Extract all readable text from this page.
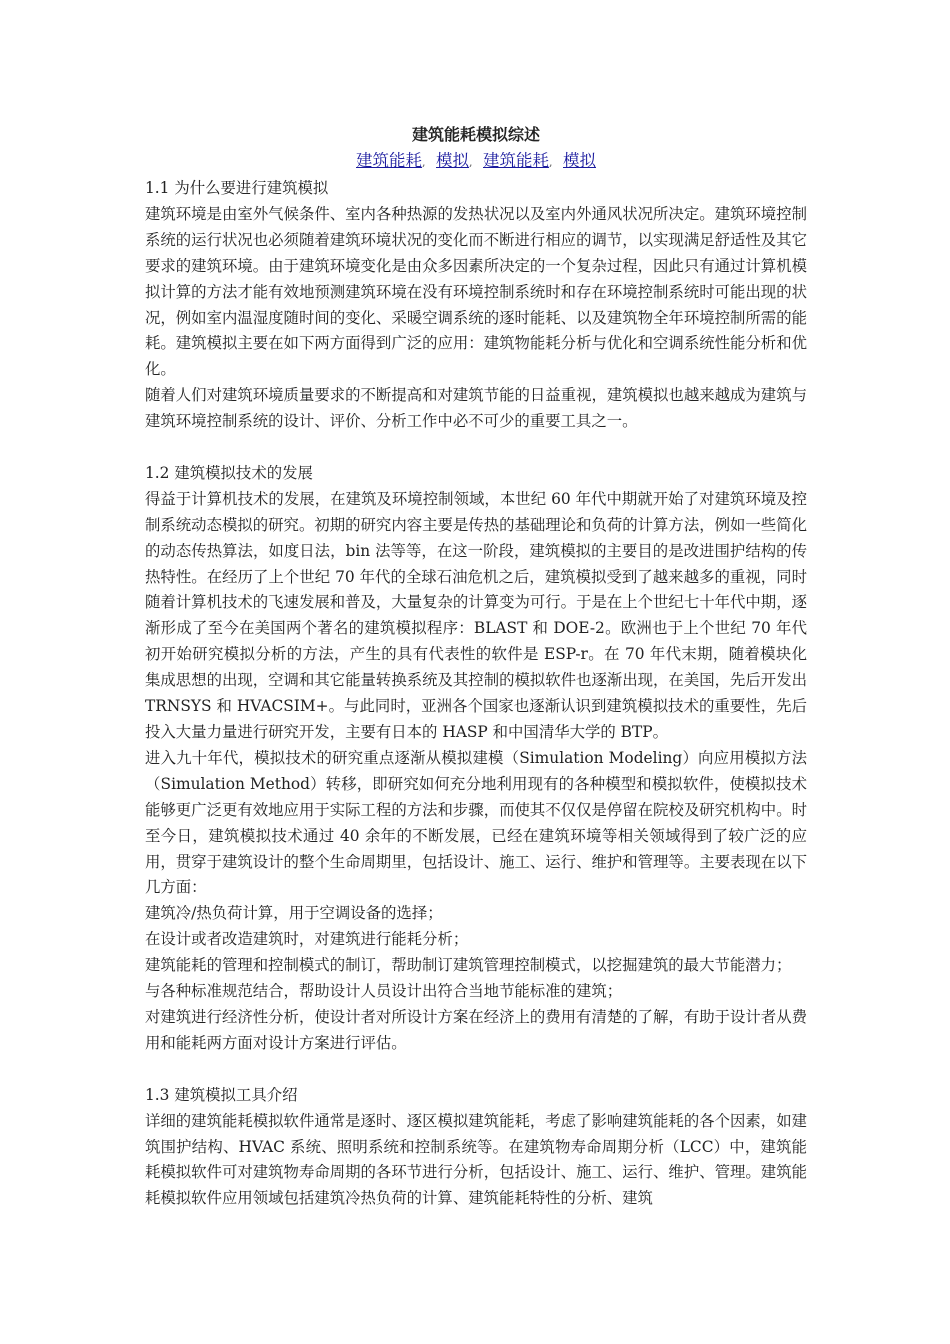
建筑能耗模拟综述
建筑能耗, 模拟, 建筑能耗, 模拟

1.1 为什么要进行建筑模拟

建筑环境是由室外气候条件、室内各种热源的发热状况以及室内外通风状况所决定。建筑环境控制系统的运行状况也必须随着建筑环境状况的变化而不断进行相应的调节，以实现满足舒适性及其它要求的建筑环境。由于建筑环境变化是由众多因素所决定的一个复杂过程，因此只有通过计算机模拟计算的方法才能有效地预测建筑环境在没有环境控制系统时和存在环境控制系统时可能出现的状况，例如室内温湿度随时间的变化、采暖空调系统的逐时能耗、以及建筑物全年环境控制所需的能耗。建筑模拟主要在如下两方面得到广泛的应用：建筑物能耗分析与优化和空调系统性能分析和优化。

随着人们对建筑环境质量要求的不断提高和对建筑节能的日益重视，建筑模拟也越来越成为建筑与建筑环境控制系统的设计、评价、分析工作中必不可少的重要工具之一。

1.2 建筑模拟技术的发展

得益于计算机技术的发展，在建筑及环境控制领域，本世纪 60 年代中期就开始了对建筑环境及控制系统动态模拟的研究。初期的研究内容主要是传热的基础理论和负荷的计算方法，例如一些简化的动态传热算法，如度日法，bin 法等等，在这一阶段，建筑模拟的主要目的是改进围护结构的传热特性。在经历了上个世纪 70 年代的全球石油危机之后，建筑模拟受到了越来越多的重视，同时随着计算机技术的飞速发展和普及，大量复杂的计算变为可行。于是在上个世纪七十年代中期，逐渐形成了至今在美国两个著名的建筑模拟程序：BLAST 和 DOE-2。欧洲也于上个世纪 70 年代初开始研究模拟分析的方法，产生的具有代表性的软件是 ESP-r。在 70 年代末期，随着模块化集成思想的出现，空调和其它能量转换系统及其控制的模拟软件也逐渐出现，在美国，先后开发出 TRNSYS 和 HVACSIM+。与此同时，亚洲各个国家也逐渐认识到建筑模拟技术的重要性，先后投入大量力量进行研究开发，主要有日本的 HASP 和中国清华大学的 BTP。

进入九十年代，模拟技术的研究重点逐渐从模拟建模（Simulation Modeling）向应用模拟方法（Simulation Method）转移，即研究如何充分地利用现有的各种模型和模拟软件，使模拟技术能够更广泛更有效地应用于实际工程的方法和步骤，而使其不仅仅是停留在院校及研究机构中。时至今日，建筑模拟技术通过 40 余年的不断发展，已经在建筑环境等相关领域得到了较广泛的应用，贯穿于建筑设计的整个生命周期里，包括设计、施工、运行、维护和管理等。主要表现在以下几方面：

建筑冷/热负荷计算，用于空调设备的选择；

在设计或者改造建筑时，对建筑进行能耗分析；

建筑能耗的管理和控制模式的制订，帮助制订建筑管理控制模式，以挖掘建筑的最大节能潜力；

与各种标准规范结合，帮助设计人员设计出符合当地节能标准的建筑；

对建筑进行经济性分析，使设计者对所设计方案在经济上的费用有清楚的了解，有助于设计者从费用和能耗两方面对设计方案进行评估。

1.3 建筑模拟工具介绍

详细的建筑能耗模拟软件通常是逐时、逐区模拟建筑能耗，考虑了影响建筑能耗的各个因素，如建筑围护结构、HVAC 系统、照明系统和控制系统等。在建筑物寿命周期分析（LCC）中，建筑能耗模拟软件可对建筑物寿命周期的各环节进行分析，包括设计、施工、运行、维护、管理。建筑能耗模拟软件应用领域包括建筑冷热负荷的计算、建筑能耗特性的分析、建筑
